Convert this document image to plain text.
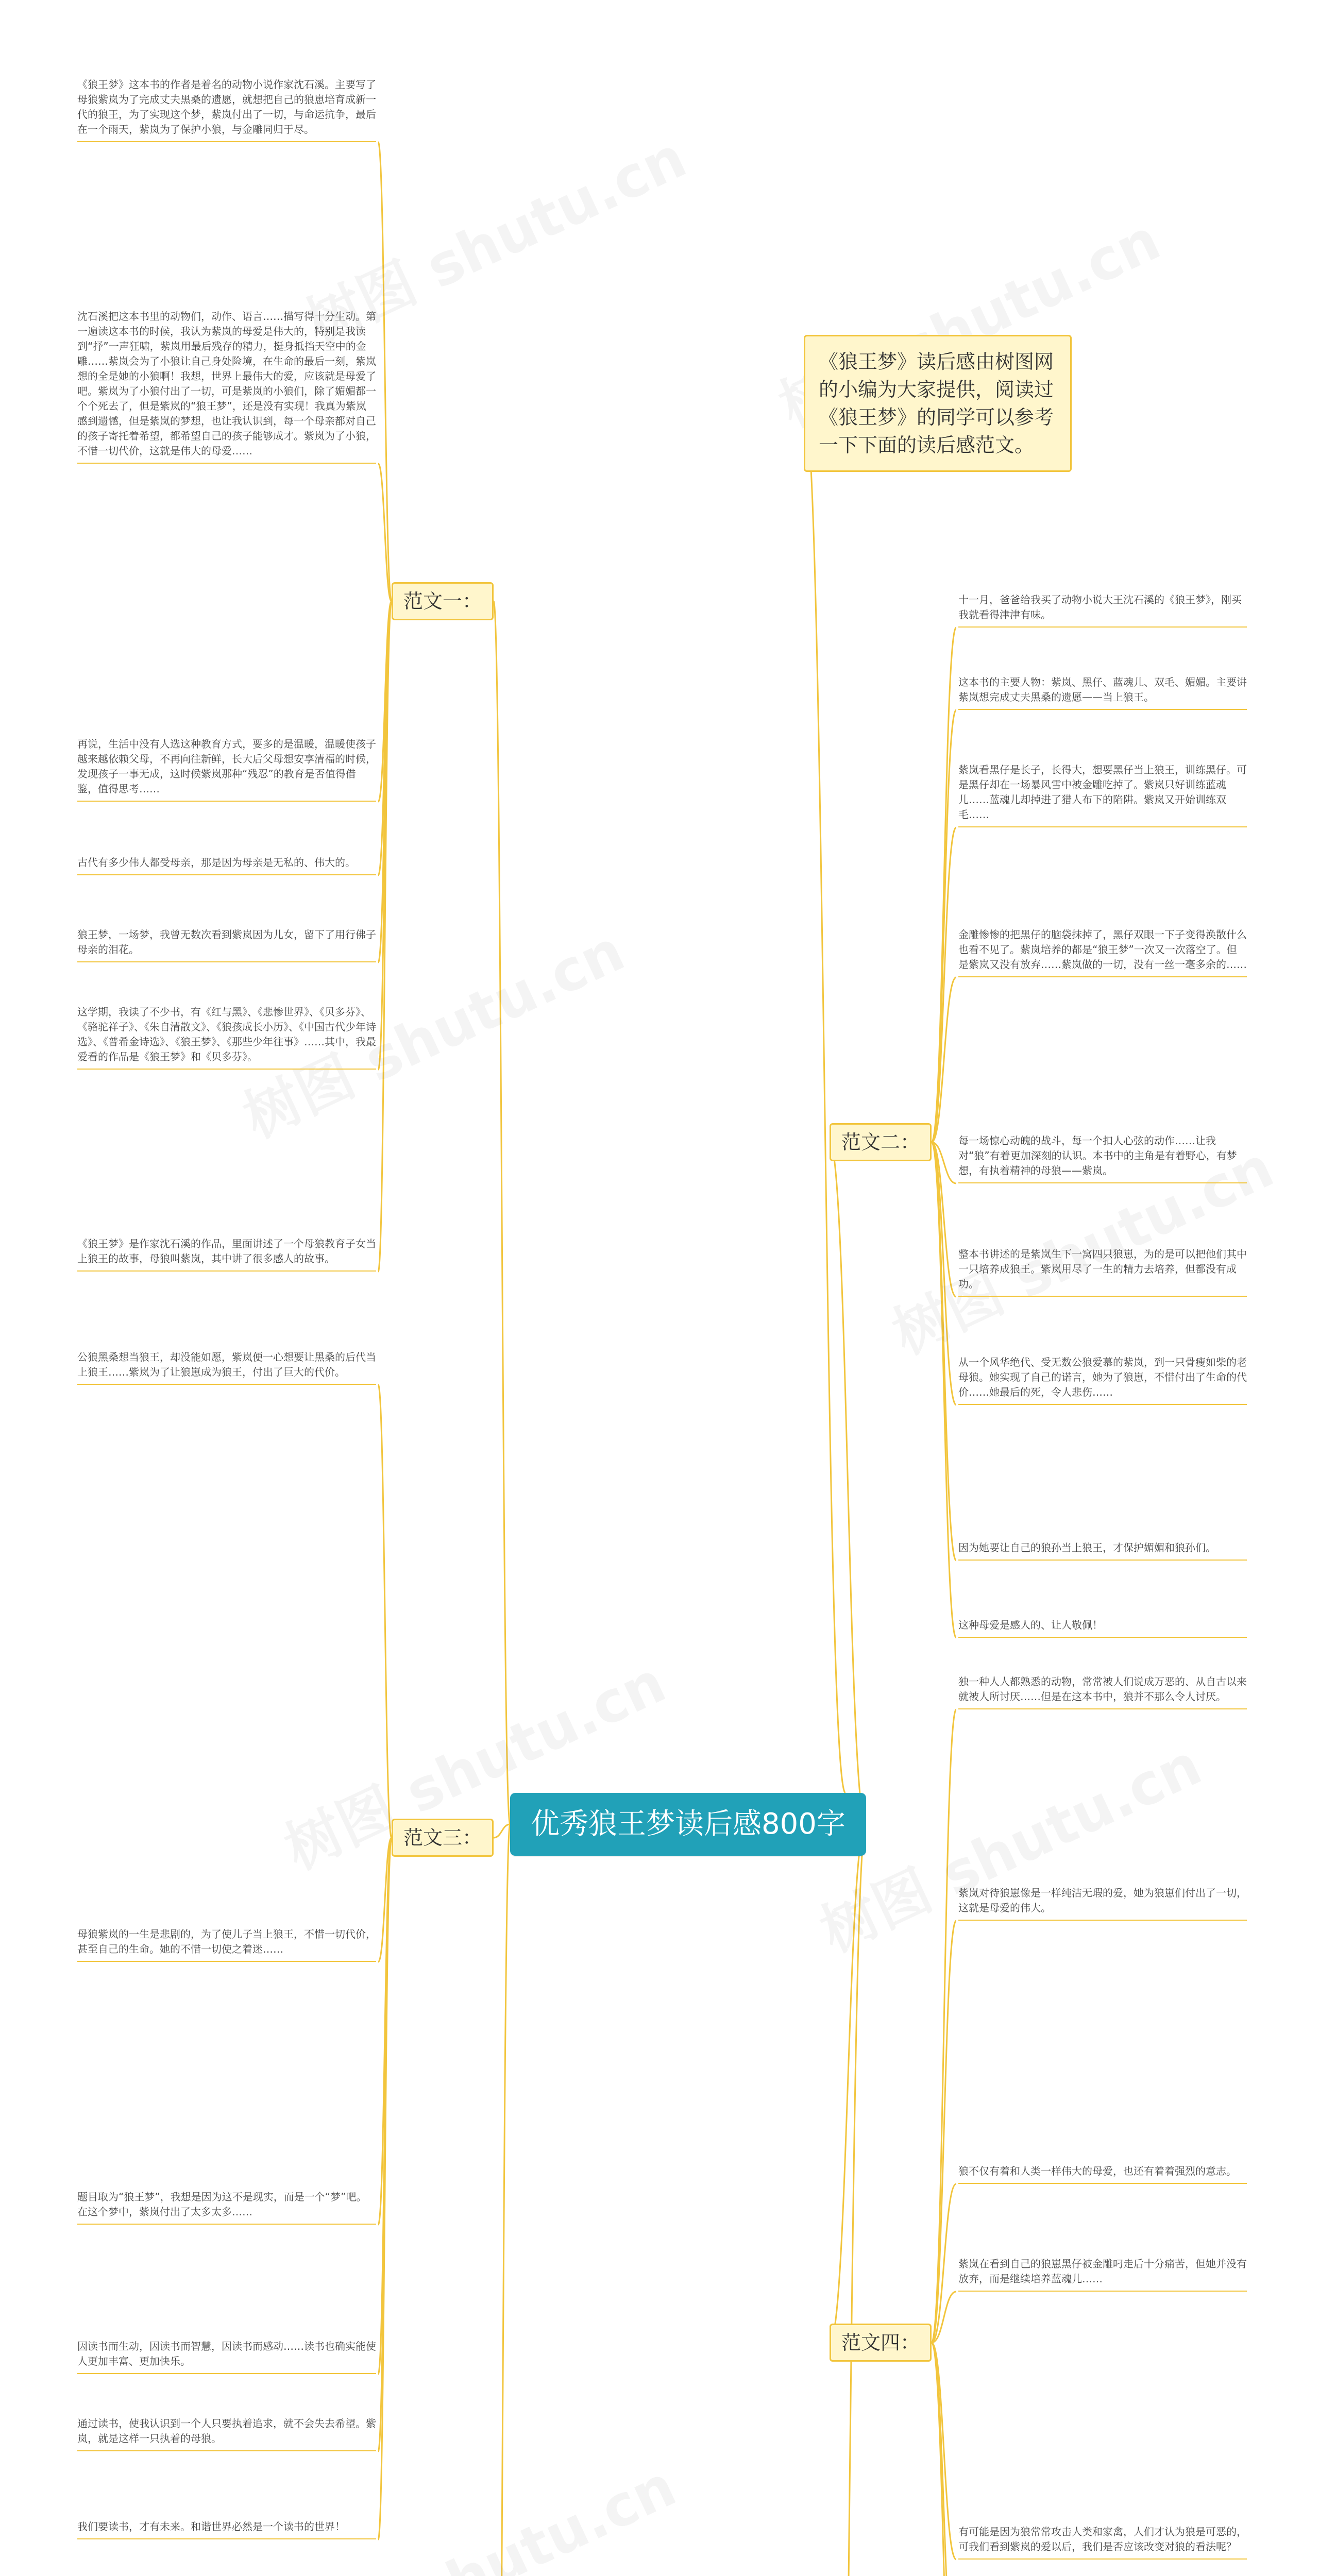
优秀狼王梦读后感800字
《狼王梦》读后感由树图网的小编为大家提供，阅读过《狼王梦》的同学可以参考一下下面的读后感范文。
范文一：
范文二：
范文三：
范文四：
《狼王梦》这本书的作者是着名的动物小说作家沈石溪。主要写了母狼紫岚为了完成丈夫黑桑的遗愿，就想把自己的狼崽培育成新一代的狼王，为了实现这个梦，紫岚付出了一切，与命运抗争，最后在一个雨天，紫岚为了保护小狼，与金雕同归于尽。
沈石溪把这本书里的动物们，动作、语言……描写得十分生动。第一遍读这本书的时候，我认为紫岚的母爱是伟大的，特别是我读到“抒”一声狂啸，紫岚用最后残存的精力，挺身抵挡天空中的金雕……紫岚会为了小狼让自己身处险境，在生命的最后一刻，紫岚想的全是她的小狼啊！我想，世界上最伟大的爱，应该就是母爱了吧。紫岚为了小狼付出了一切，可是紫岚的小狼们，除了媚媚都一个个死去了，但是紫岚的“狼王梦”，还是没有实现！我真为紫岚感到遗憾，但是紫岚的梦想，也让我认识到，每一个母亲都对自己的孩子寄托着希望，都希望自己的孩子能够成才。紫岚为了小狼，不惜一切代价，这就是伟大的母爱……
再说，生活中没有人选这种教育方式，要多的是温暖，温暖使孩子越来越依赖父母，不再向往新鲜，长大后父母想安享清福的时候，发现孩子一事无成，这时候紫岚那种“残忍”的教育是否值得借鉴，值得思考……
古代有多少伟人都受母亲，那是因为母亲是无私的、伟大的。
狼王梦，一场梦，我曾无数次看到紫岚因为儿女，留下了用行佛子母亲的泪花。
这学期，我读了不少书，有《红与黑》、《悲惨世界》、《贝多芬》、《骆驼祥子》、《朱自清散文》、《狼孩成长小历》、《中国古代少年诗选》、《普希金诗选》、《狼王梦》、《那些少年往事》……其中，我最爱看的作品是《狼王梦》和《贝多芬》。
《狼王梦》是作家沈石溪的作品，里面讲述了一个母狼教育子女当上狼王的故事，母狼叫紫岚，其中讲了很多感人的故事。
公狼黑桑想当狼王，却没能如愿，紫岚便一心想要让黑桑的后代当上狼王……紫岚为了让狼崽成为狼王，付出了巨大的代价。
母狼紫岚的一生是悲剧的，为了使儿子当上狼王，不惜一切代价，甚至自己的生命。她的不惜一切使之着迷……
题目取为“狼王梦”，我想是因为这不是现实，而是一个“梦”吧。在这个梦中，紫岚付出了太多太多……
因读书而生动，因读书而智慧，因读书而感动……读书也确实能使人更加丰富、更加快乐。
通过读书，使我认识到一个人只要执着追求，就不会失去希望。紫岚，就是这样一只执着的母狼。
我们要读书，才有未来。和谐世界必然是一个读书的世界！
十一月，爸爸给我买了动物小说大王沈石溪的《狼王梦》，刚买我就看得津津有味。
这本书的主要人物：紫岚、黑仔、蓝魂儿、双毛、媚媚。主要讲紫岚想完成丈夫黑桑的遗愿——当上狼王。
紫岚看黑仔是长子，长得大，想要黑仔当上狼王，训练黑仔。可是黑仔却在一场暴风雪中被金雕吃掉了。紫岚只好训练蓝魂儿……蓝魂儿却掉进了猎人布下的陷阱。紫岚又开始训练双毛……
金雕惨惨的把黑仔的脑袋抹掉了，黑仔双眼一下子变得涣散什么也看不见了。紫岚培养的都是“狼王梦”一次又一次落空了。但是紫岚又没有放弃……紫岚做的一切，没有一丝一毫多余的……
每一场惊心动魄的战斗，每一个扣人心弦的动作……让我对“狼”有着更加深刻的认识。本书中的主角是有着野心，有梦想，有执着精神的母狼——紫岚。
整本书讲述的是紫岚生下一窝四只狼崽，为的是可以把他们其中一只培养成狼王。紫岚用尽了一生的精力去培养，但都没有成功。
从一个风华绝代、受无数公狼爱慕的紫岚，到一只骨瘦如柴的老母狼。她实现了自己的诺言，她为了狼崽，不惜付出了生命的代价……她最后的死，令人悲伤……
因为她要让自己的狼孙当上狼王，才保护媚媚和狼孙们。
这种母爱是感人的、让人敬佩！
独一种人人都熟悉的动物，常常被人们说成万恶的、从自古以来就被人所讨厌……但是在这本书中，狼并不那么令人讨厌。
紫岚对待狼崽像是一样纯洁无瑕的爱，她为狼崽们付出了一切，这就是母爱的伟大。
狼不仅有着和人类一样伟大的母爱，也还有着着强烈的意志。
紫岚在看到自己的狼崽黑仔被金雕叼走后十分痛苦，但她并没有放弃，而是继续培养蓝魂儿……
有可能是因为狼常常攻击人类和家禽，人们才认为狼是可恶的，可我们看到紫岚的爱以后，我们是否应该改变对狼的看法呢？
